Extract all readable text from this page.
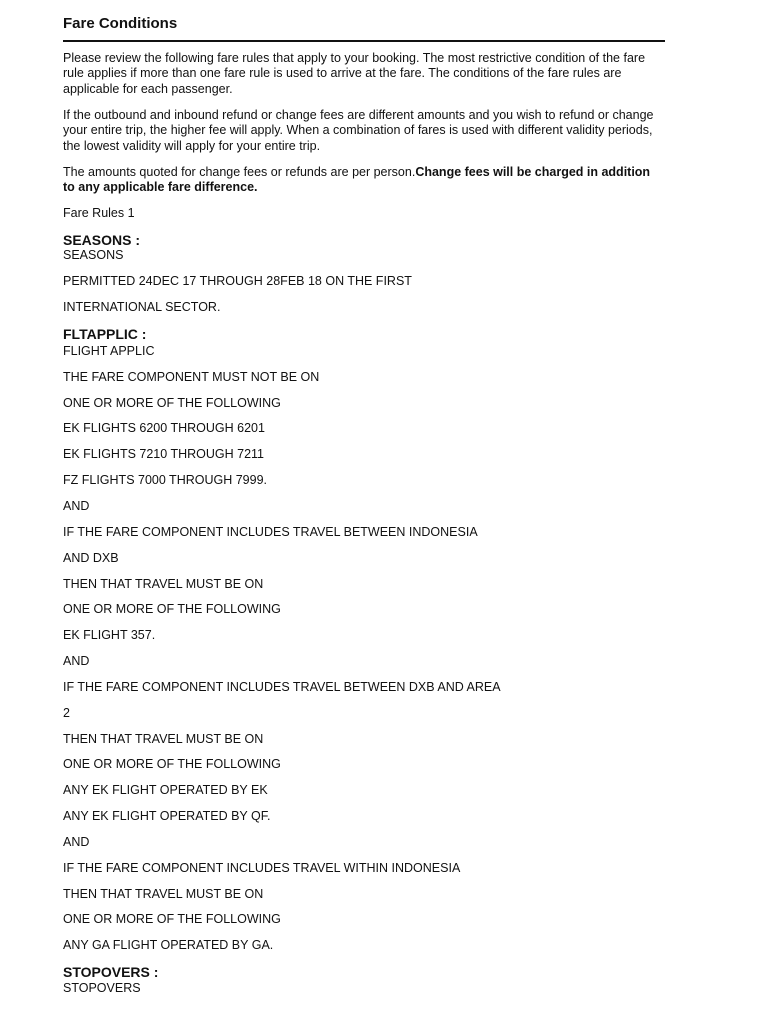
Fare Conditions
Please review the following fare rules that apply to your booking. The most restrictive condition of the fare rule applies if more than one fare rule is used to arrive at the fare. The conditions of the fare rules are applicable for each passenger.
If the outbound and inbound refund or change fees are different amounts and you wish to refund or change your entire trip, the higher fee will apply. When a combination of fares is used with different validity periods, the lowest validity will apply for your entire trip.
The amounts quoted for change fees or refunds are per person.Change fees will be charged in addition to any applicable fare difference.
Fare Rules 1
SEASONS :
SEASONS
PERMITTED 24DEC 17 THROUGH 28FEB 18 ON THE FIRST
INTERNATIONAL SECTOR.
FLTAPPLIC :
FLIGHT APPLIC
THE FARE COMPONENT MUST NOT BE ON
ONE OR MORE OF THE FOLLOWING
EK FLIGHTS 6200 THROUGH 6201
EK FLIGHTS 7210 THROUGH 7211
FZ FLIGHTS 7000 THROUGH 7999.
AND
IF THE FARE COMPONENT INCLUDES TRAVEL BETWEEN INDONESIA
AND DXB
THEN THAT TRAVEL MUST BE ON
ONE OR MORE OF THE FOLLOWING
EK FLIGHT 357.
AND
IF THE FARE COMPONENT INCLUDES TRAVEL BETWEEN DXB AND AREA
2
THEN THAT TRAVEL MUST BE ON
ONE OR MORE OF THE FOLLOWING
ANY EK FLIGHT OPERATED BY EK
ANY EK FLIGHT OPERATED BY QF.
AND
IF THE FARE COMPONENT INCLUDES TRAVEL WITHIN INDONESIA
THEN THAT TRAVEL MUST BE ON
ONE OR MORE OF THE FOLLOWING
ANY GA FLIGHT OPERATED BY GA.
STOPOVERS :
STOPOVERS
